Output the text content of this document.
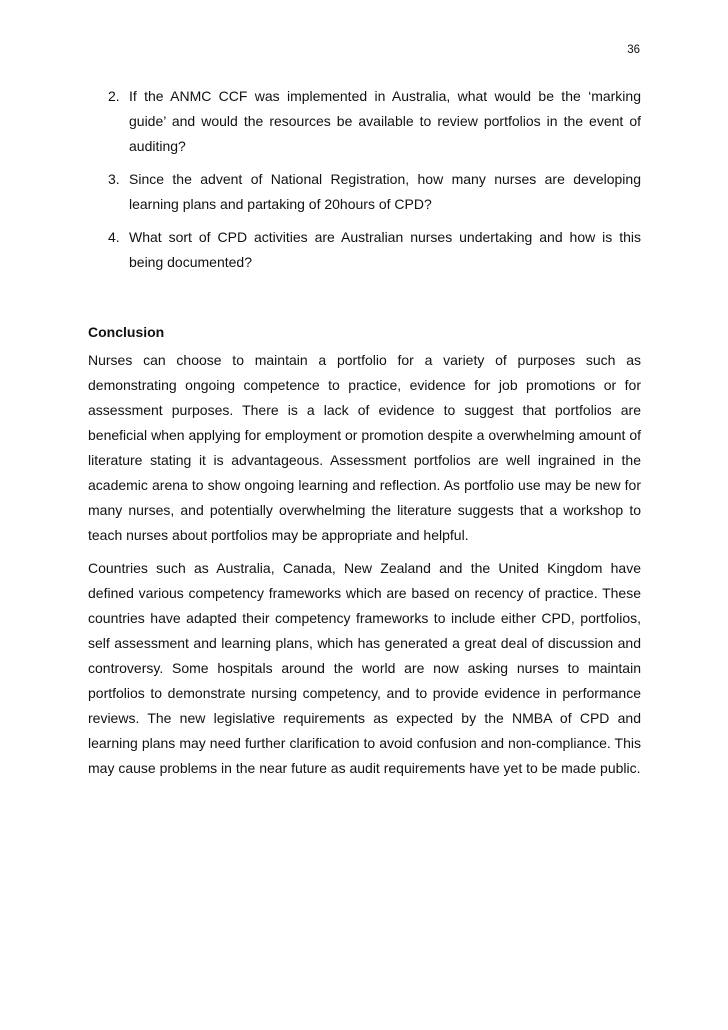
36
2. If the ANMC CCF was implemented in Australia, what would be the ‘marking guide’ and would the resources be available to review portfolios in the event of auditing?
3. Since the advent of National Registration, how many nurses are developing learning plans and partaking of 20hours of CPD?
4. What sort of CPD activities are Australian nurses undertaking and how is this being documented?
Conclusion

Nurses can choose to maintain a portfolio for a variety of purposes such as demonstrating ongoing competence to practice, evidence for job promotions or for assessment purposes. There is a lack of evidence to suggest that portfolios are beneficial when applying for employment or promotion despite a overwhelming amount of literature stating it is advantageous. Assessment portfolios are well ingrained in the academic arena to show ongoing learning and reflection. As portfolio use may be new for many nurses, and potentially overwhelming the literature suggests that a workshop to teach nurses about portfolios may be appropriate and helpful.

Countries such as Australia, Canada, New Zealand and the United Kingdom have defined various competency frameworks which are based on recency of practice. These countries have adapted their competency frameworks to include either CPD, portfolios, self assessment and learning plans, which has generated a great deal of discussion and controversy. Some hospitals around the world are now asking nurses to maintain portfolios to demonstrate nursing competency, and to provide evidence in performance reviews. The new legislative requirements as expected by the NMBA of CPD and learning plans may need further clarification to avoid confusion and non-compliance. This may cause problems in the near future as audit requirements have yet to be made public.
